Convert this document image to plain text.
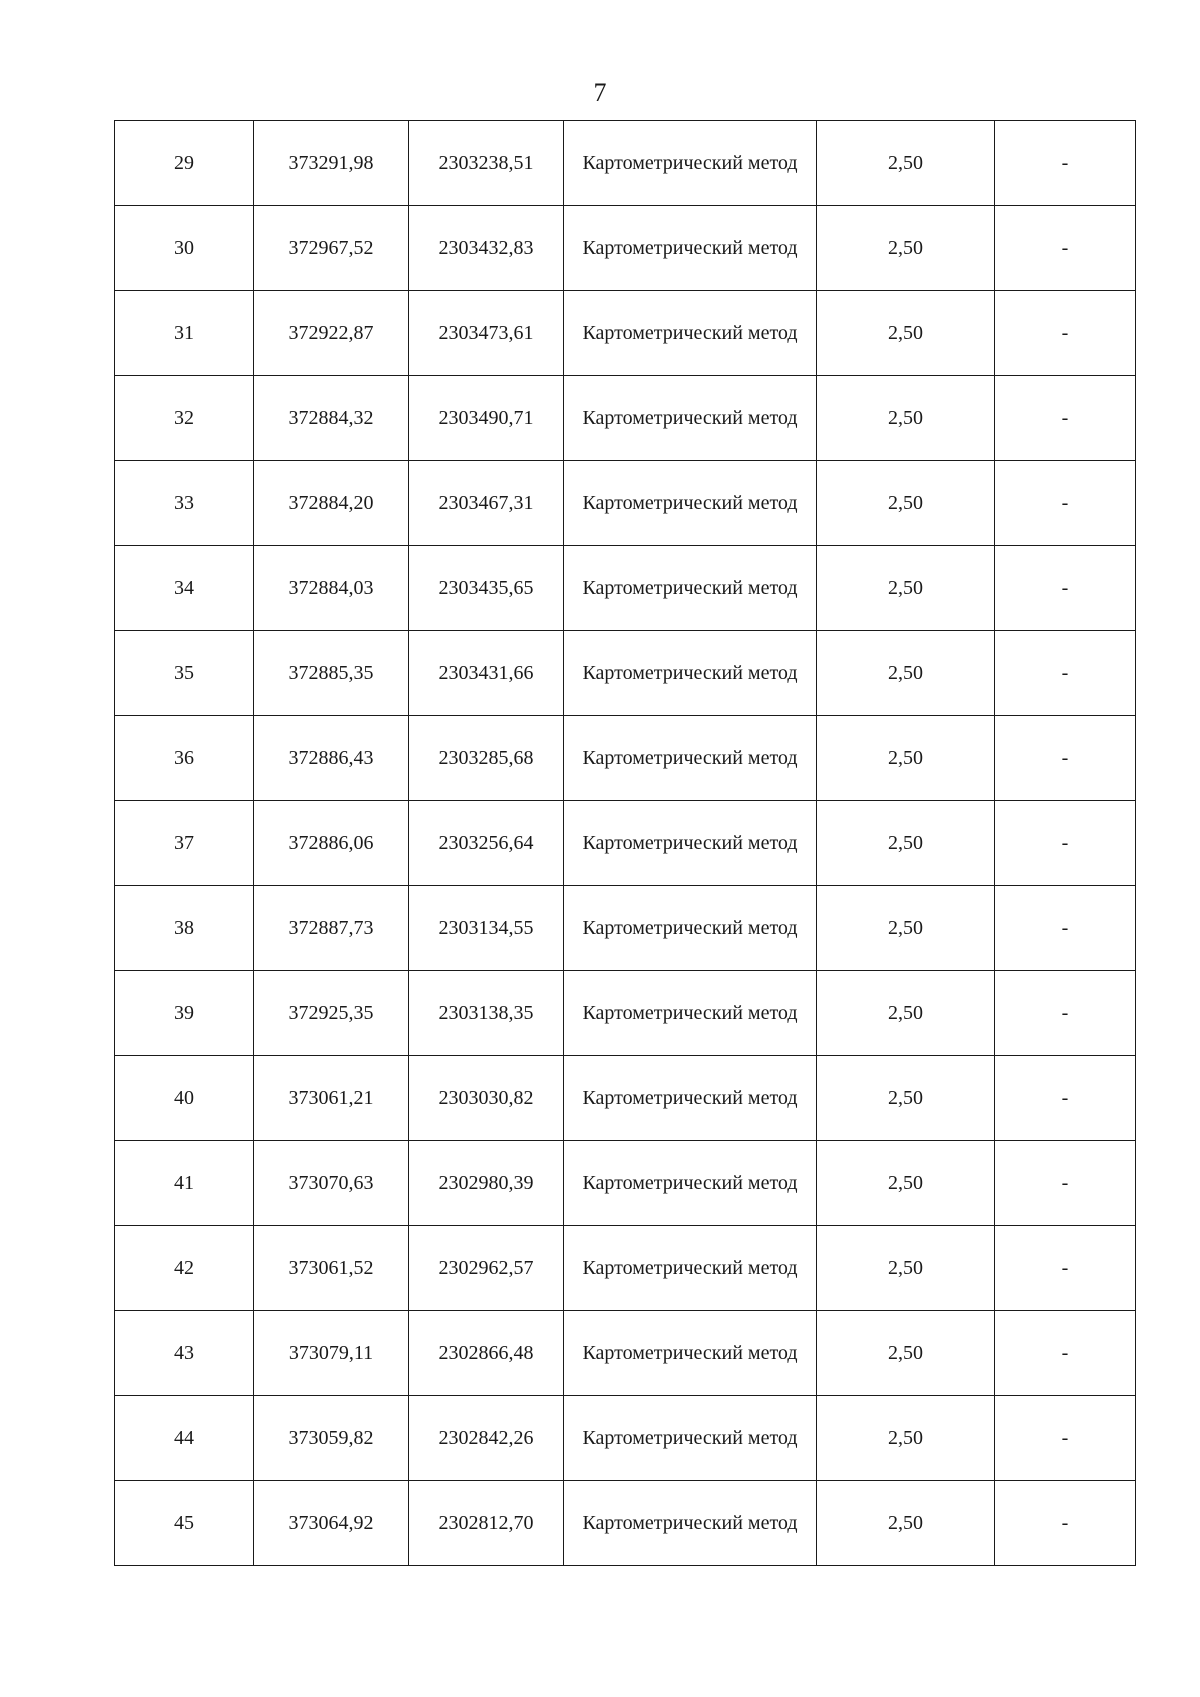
7
29	373291,98	2303238,51	Картометрический метод	2,50	-
30	372967,52	2303432,83	Картометрический метод	2,50	-
31	372922,87	2303473,61	Картометрический метод	2,50	-
32	372884,32	2303490,71	Картометрический метод	2,50	-
33	372884,20	2303467,31	Картометрический метод	2,50	-
34	372884,03	2303435,65	Картометрический метод	2,50	-
35	372885,35	2303431,66	Картометрический метод	2,50	-
36	372886,43	2303285,68	Картометрический метод	2,50	-
37	372886,06	2303256,64	Картометрический метод	2,50	-
38	372887,73	2303134,55	Картометрический метод	2,50	-
39	372925,35	2303138,35	Картометрический метод	2,50	-
40	373061,21	2303030,82	Картометрический метод	2,50	-
41	373070,63	2302980,39	Картометрический метод	2,50	-
42	373061,52	2302962,57	Картометрический метод	2,50	-
43	373079,11	2302866,48	Картометрический метод	2,50	-
44	373059,82	2302842,26	Картометрический метод	2,50	-
45	373064,92	2302812,70	Картометрический метод	2,50	-
